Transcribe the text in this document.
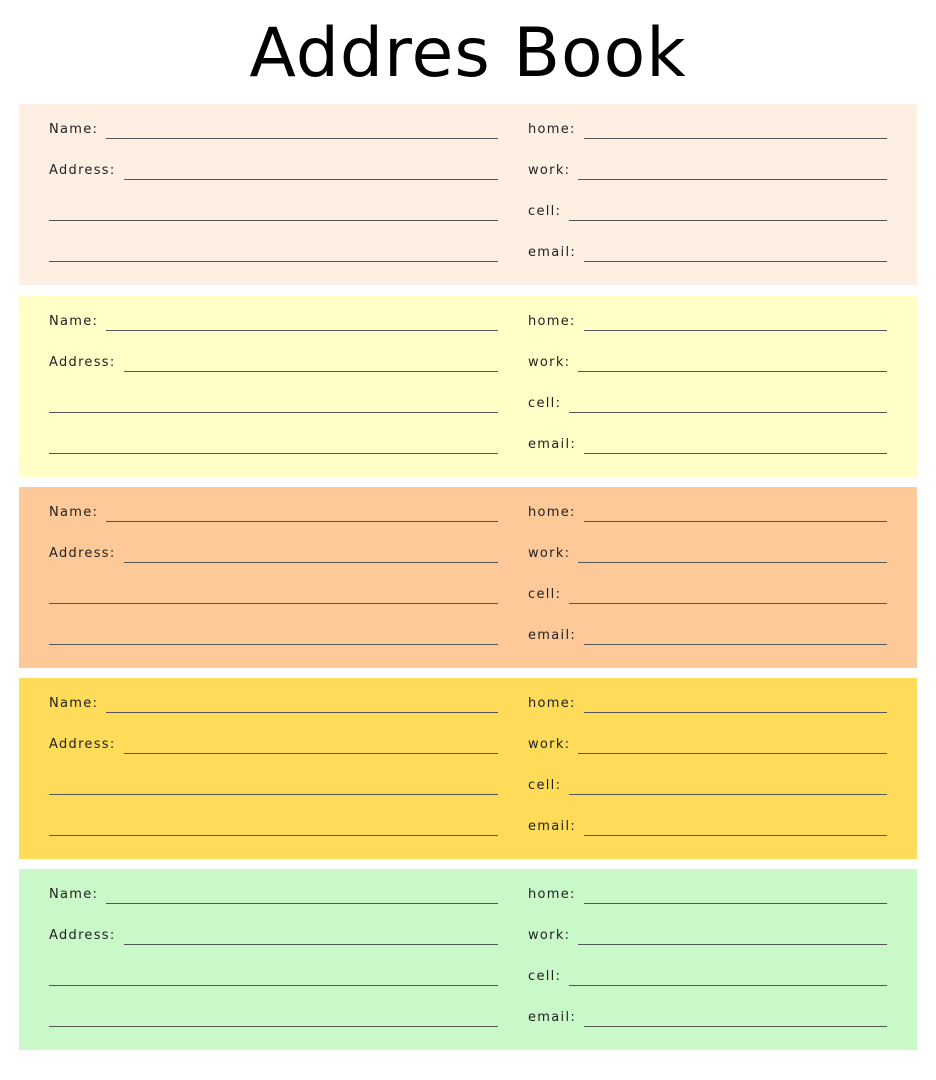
Addres Book
Name:
Address:
home:
work:
cell:
email:
Name:
Address:
home:
work:
cell:
email:
Name:
Address:
home:
work:
cell:
email:
Name:
Address:
home:
work:
cell:
email:
Name:
Address:
home:
work:
cell:
email:
